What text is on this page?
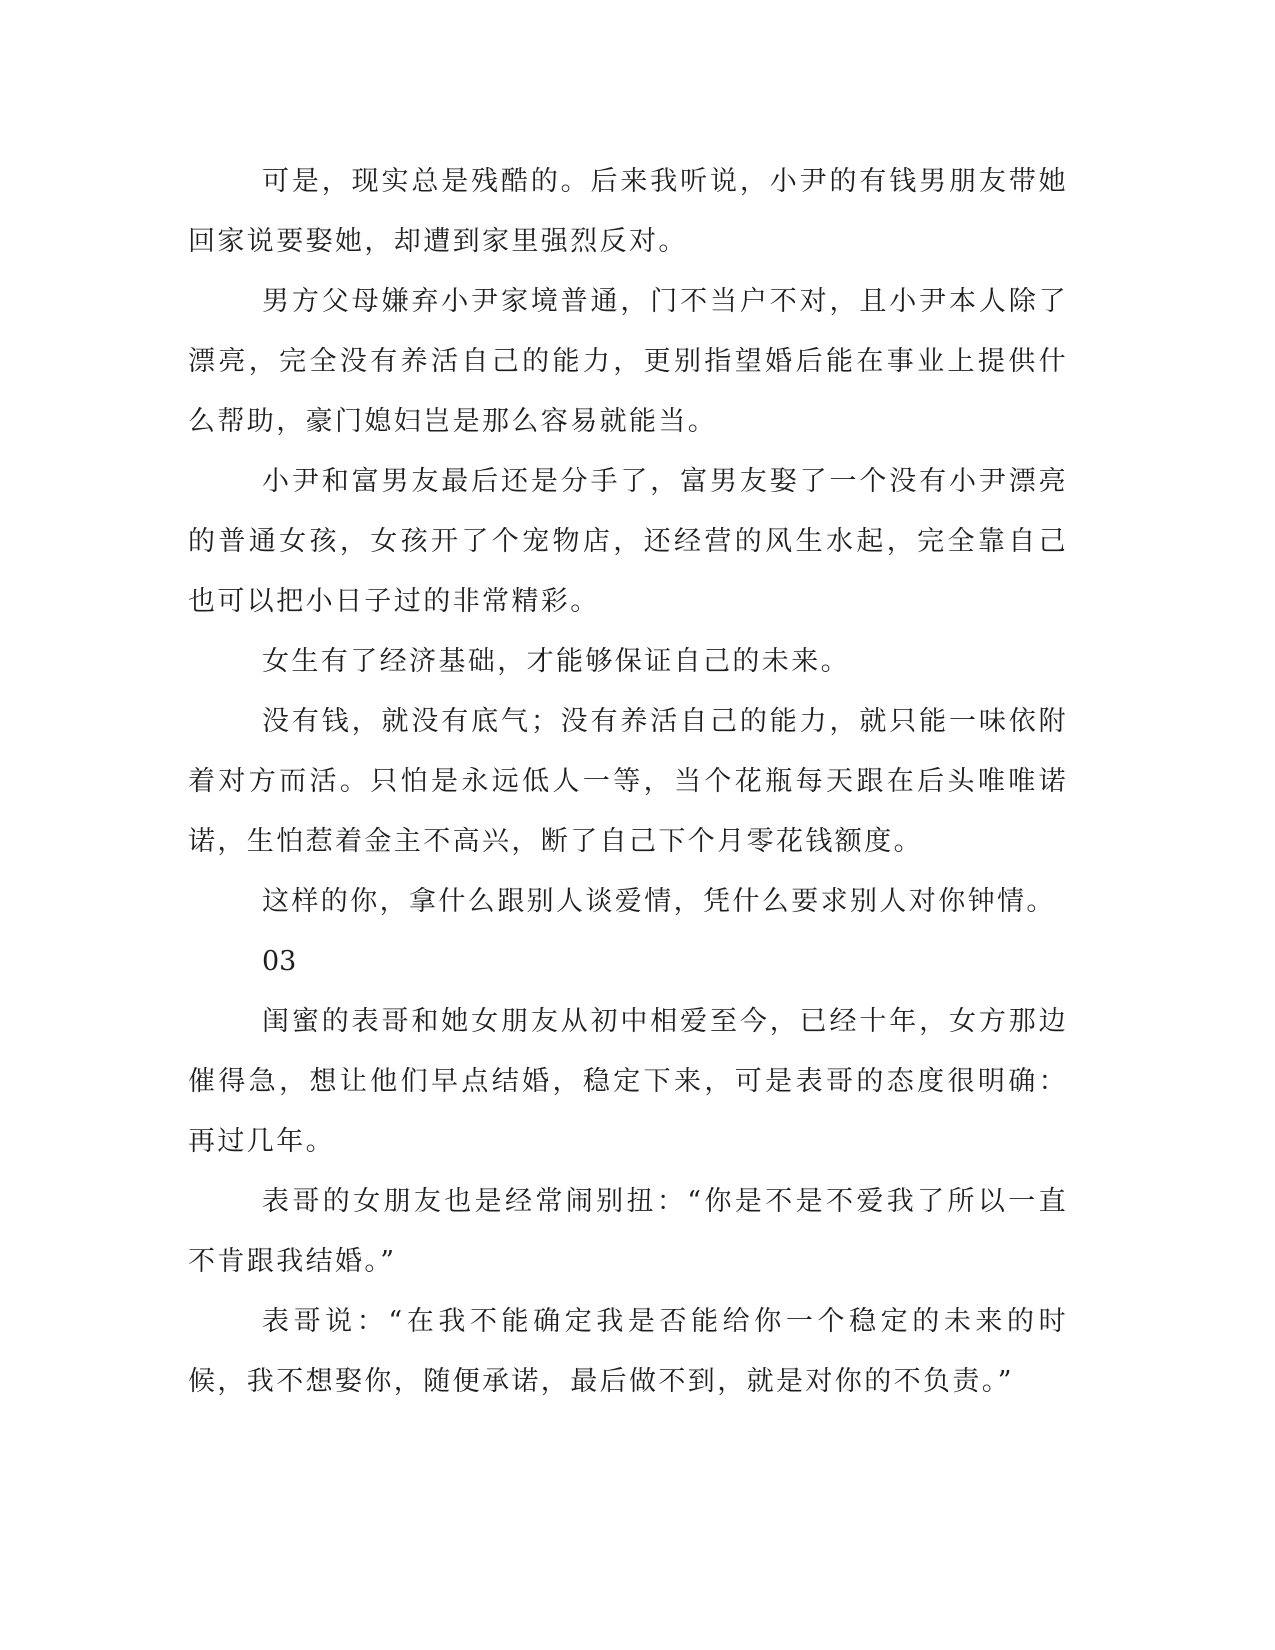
可是，现实总是残酷的。后来我听说，小尹的有钱男朋友带她回家说要娶她，却遭到家里强烈反对。

男方父母嫌弃小尹家境普通，门不当户不对，且小尹本人除了漂亮，完全没有养活自己的能力，更别指望婚后能在事业上提供什么帮助，豪门媳妇岂是那么容易就能当。

小尹和富男友最后还是分手了，富男友娶了一个没有小尹漂亮的普通女孩，女孩开了个宠物店，还经营的风生水起，完全靠自己也可以把小日子过的非常精彩。

女生有了经济基础，才能够保证自己的未来。

没有钱，就没有底气；没有养活自己的能力，就只能一味依附着对方而活。只怕是永远低人一等，当个花瓶每天跟在后头唯唯诺诺，生怕惹着金主不高兴，断了自己下个月零花钱额度。

这样的你，拿什么跟别人谈爱情，凭什么要求别人对你钟情。

03

闺蜜的表哥和她女朋友从初中相爱至今，已经十年，女方那边催得急，想让他们早点结婚，稳定下来，可是表哥的态度很明确：再过几年。

表哥的女朋友也是经常闹别扭：“你是不是不爱我了所以一直不肯跟我结婚。”

表哥说：“在我不能确定我是否能给你一个稳定的未来的时候，我不想娶你，随便承诺，最后做不到，就是对你的不负责。”
